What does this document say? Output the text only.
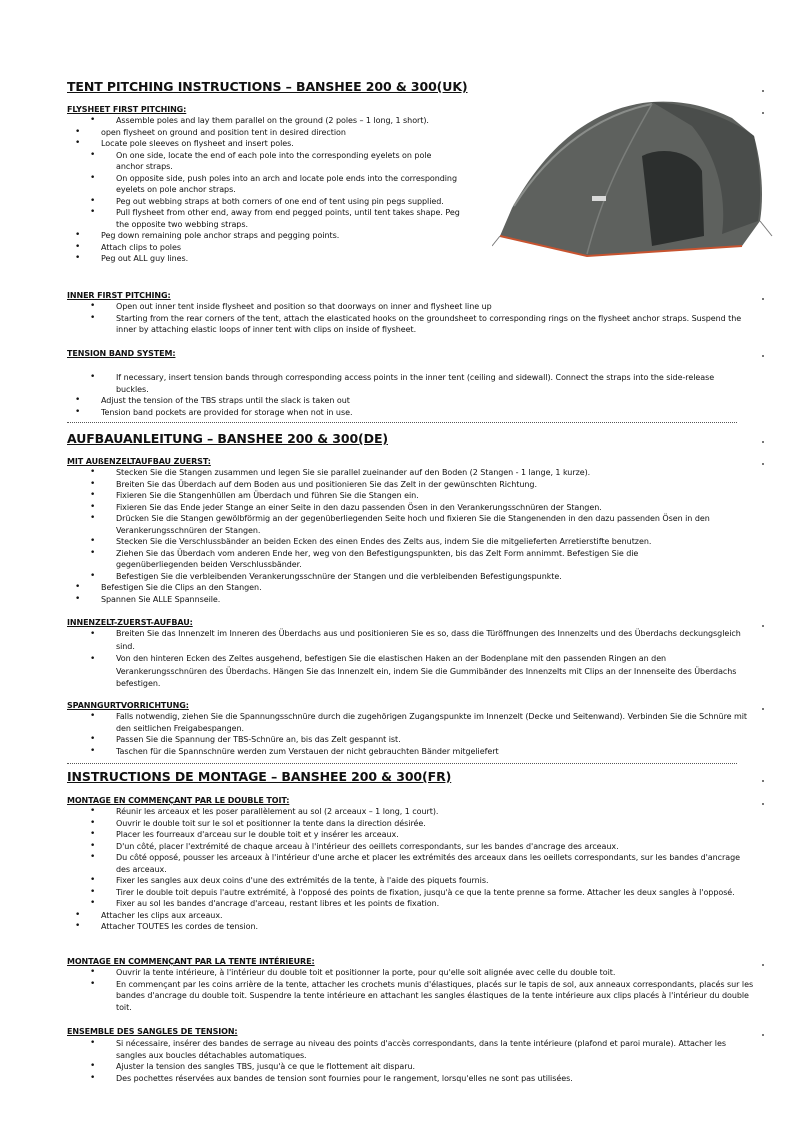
TENT PITCHING INSTRUCTIONS – BANSHEE 200 & 300(UK)
FLYSHEET FIRST PITCHING:
• Assemble poles and lay them parallel on the ground (2 poles – 1 long, 1 short).
• open flysheet on ground and position tent in desired direction
• Locate pole sleeves on flysheet and insert poles.
• On one side, locate the end of each pole into the corresponding eyelets on pole anchor straps.
• On opposite side, push poles into an arch and locate pole ends into the corresponding eyelets on pole anchor straps.
• Peg out webbing straps at both corners of one end of tent using pin pegs supplied.
• Pull flysheet from other end, away from end pegged points, until tent takes shape. Peg the opposite two webbing straps.
• Peg down remaining pole anchor straps and pegging points.
• Attach clips to poles
• Peg out ALL guy lines.
INNER FIRST PITCHING:
• Open out inner tent inside flysheet and position so that doorways on inner and flysheet line up
• Starting from the rear corners of the tent, attach the elasticated hooks on the groundsheet to corresponding rings on the flysheet anchor straps. Suspend the inner by attaching elastic loops of inner tent with clips on inside of flysheet.
TENSION BAND SYSTEM:
• If necessary, insert tension bands through corresponding access points in the inner tent (ceiling and sidewall). Connect the straps into the side-release buckles.
• Adjust the tension of the TBS straps until the slack is taken out
• Tension band pockets are provided for storage when not in use.
AUFBAUANLEITUNG – BANSHEE 200 & 300(DE)
MIT AUßENZELTAUFBAU ZUERST:
• Stecken Sie die Stangen zusammen und legen Sie sie parallel zueinander auf den Boden (2 Stangen - 1 lange, 1 kurze).
• Breiten Sie das Überdach auf dem Boden aus und positionieren Sie das Zelt in der gewünschten Richtung.
• Fixieren Sie die Stangenhüllen am Überdach und führen Sie die Stangen ein.
• Fixieren Sie das Ende jeder Stange an einer Seite in den dazu passenden Ösen in den Verankerungsschnüren der Stangen.
• Drücken Sie die Stangen gewölbförmig an der gegenüberliegenden Seite hoch und fixieren Sie die Stangenenden in den dazu passenden Ösen in den Verankerungsschnüren der Stangen.
• Stecken Sie die Verschlussbänder an beiden Ecken des einen Endes des Zelts aus, indem Sie die mitgelieferten Arretierstifte benutzen.
• Ziehen Sie das Überdach vom anderen Ende her, weg von den Befestigungspunkten, bis das Zelt Form annimmt. Befestigen Sie die gegenüberliegenden beiden Verschlussbänder.
• Befestigen Sie die verbleibenden Verankerungsschnüre der Stangen und die verbleibenden Befestigungspunkte.
• Befestigen Sie die Clips an den Stangen.
• Spannen Sie ALLE Spannseile.
INNENZELT-ZUERST-AUFBAU:
• Breiten Sie das Innenzelt im Inneren des Überdachs aus und positionieren Sie es so, dass die Türöffnungen des Innenzelts und des Überdachs deckungsgleich sind.
• Von den hinteren Ecken des Zeltes ausgehend, befestigen Sie die elastischen Haken an der Bodenplane mit den passenden Ringen an den Verankerungsschnüren des Überdachs. Hängen Sie das Innenzelt ein, indem Sie die Gummibänder des Innenzelts mit Clips an der Innenseite des Überdachs befestigen.
SPANNGURTVORRICHTUNG:
• Falls notwendig, ziehen Sie die Spannungsschnüre durch die zugehörigen Zugangspunkte im Innenzelt (Decke und Seitenwand). Verbinden Sie die Schnüre mit den seitlichen Freigabespangen.
• Passen Sie die Spannung der TBS-Schnüre an, bis das Zelt gespannt ist.
• Taschen für die Spannschnüre werden zum Verstauen der nicht gebrauchten Bänder mitgeliefert
INSTRUCTIONS DE MONTAGE – BANSHEE 200 & 300(FR)
MONTAGE EN COMMENÇANT PAR LE DOUBLE TOIT:
• Réunir les arceaux et les poser parallèlement au sol (2 arceaux – 1 long, 1 court).
• Ouvrir le double toit sur le sol et positionner la tente dans la direction désirée.
• Placer les fourreaux d'arceau sur le double toit et y insérer les arceaux.
• D'un côté, placer l'extrémité de chaque arceau à l'intérieur des oeillets correspondants, sur les bandes d'ancrage des arceaux.
• Du côté opposé, pousser les arceaux à l'intérieur d'une arche et placer les extrémités des arceaux dans les oeillets correspondants, sur les bandes d'ancrage des arceaux.
• Fixer les sangles aux deux coins d'une des extrémités de la tente, à l'aide des piquets fournis.
• Tirer le double toit depuis l'autre extrémité, à l'opposé des points de fixation, jusqu'à ce que la tente prenne sa forme. Attacher les deux sangles à l'opposé.
• Fixer au sol les bandes d'ancrage d'arceau, restant libres et les points de fixation.
• Attacher les clips aux arceaux.
• Attacher TOUTES les cordes de tension.
MONTAGE EN COMMENÇANT PAR LA TENTE INTÉRIEURE:
• Ouvrir la tente intérieure, à l'intérieur du double toit et positionner la porte, pour qu'elle soit alignée avec celle du double toit.
• En commençant par les coins arrière de la tente, attacher les crochets munis d'élastiques, placés sur le tapis de sol, aux anneaux correspondants, placés sur les bandes d'ancrage du double toit. Suspendre la tente intérieure en attachant les sangles élastiques de la tente intérieure aux clips placés à l'intérieur du double toit.
ENSEMBLE DES SANGLES DE TENSION:
• Si nécessaire, insérer des bandes de serrage au niveau des points d'accès correspondants, dans la tente intérieure (plafond et paroi murale). Attacher les sangles aux boucles détachables automatiques.
• Ajuster la tension des sangles TBS, jusqu'à ce que le flottement ait disparu.
• Des pochettes réservées aux bandes de tension sont fournies pour le rangement, lorsqu'elles ne sont pas utilisées.
